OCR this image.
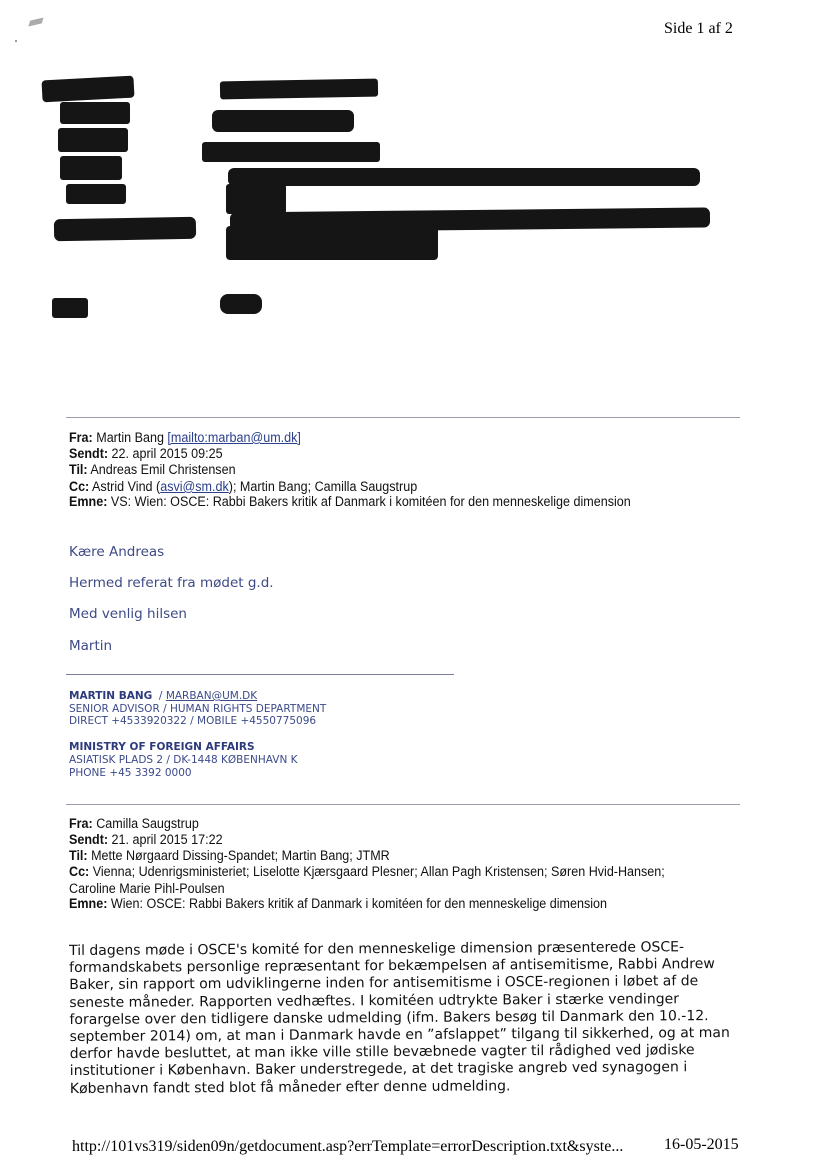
Side 1 af 2
Fra: Martin Bang [mailto:marban@um.dk]
Sendt: 22. april 2015 09:25
Til: Andreas Emil Christensen
Cc: Astrid Vind (asvi@sm.dk); Martin Bang; Camilla Saugstrup
Emne: VS: Wien: OSCE: Rabbi Bakers kritik af Danmark i komitéen for den menneskelige dimension
Kære Andreas
Hermed referat fra mødet g.d.
Med venlig hilsen
Martin
MARTIN BANG  / MARBAN@UM.DK
SENIOR ADVISOR / HUMAN RIGHTS DEPARTMENT
DIRECT +4533920322 / MOBILE +4550775096
MINISTRY OF FOREIGN AFFAIRS
ASIATISK PLADS 2 / DK-1448 KØBENHAVN K
PHONE +45 3392 0000
Fra: Camilla Saugstrup
Sendt: 21. april 2015 17:22
Til: Mette Nørgaard Dissing-Spandet; Martin Bang; JTMR
Cc: Vienna; Udenrigsministeriet; Liselotte Kjærsgaard Plesner; Allan Pagh Kristensen; Søren Hvid-Hansen;
Caroline Marie Pihl-Poulsen
Emne: Wien: OSCE: Rabbi Bakers kritik af Danmark i komitéen for den menneskelige dimension
Til dagens møde i OSCE's komité for den menneskelige dimension præsenterede OSCE-
formandskabets personlige repræsentant for bekæmpelsen af antisemitisme, Rabbi Andrew
Baker, sin rapport om udviklingerne inden for antisemitisme i OSCE-regionen i løbet af de
seneste måneder. Rapporten vedhæftes. I komitéen udtrykte Baker i stærke vendinger
forargelse over den tidligere danske udmelding (ifm. Bakers besøg til Danmark den 10.-12.
september 2014) om, at man i Danmark havde en ”afslappet” tilgang til sikkerhed, og at man
derfor havde besluttet, at man ikke ville stille bevæbnede vagter til rådighed ved jødiske
institutioner i København. Baker understregede, at det tragiske angreb ved synagogen i
København fandt sted blot få måneder efter denne udmelding.
http://101vs319/siden09n/getdocument.asp?errTemplate=errorDescription.txt&syste...	16-05-2015
